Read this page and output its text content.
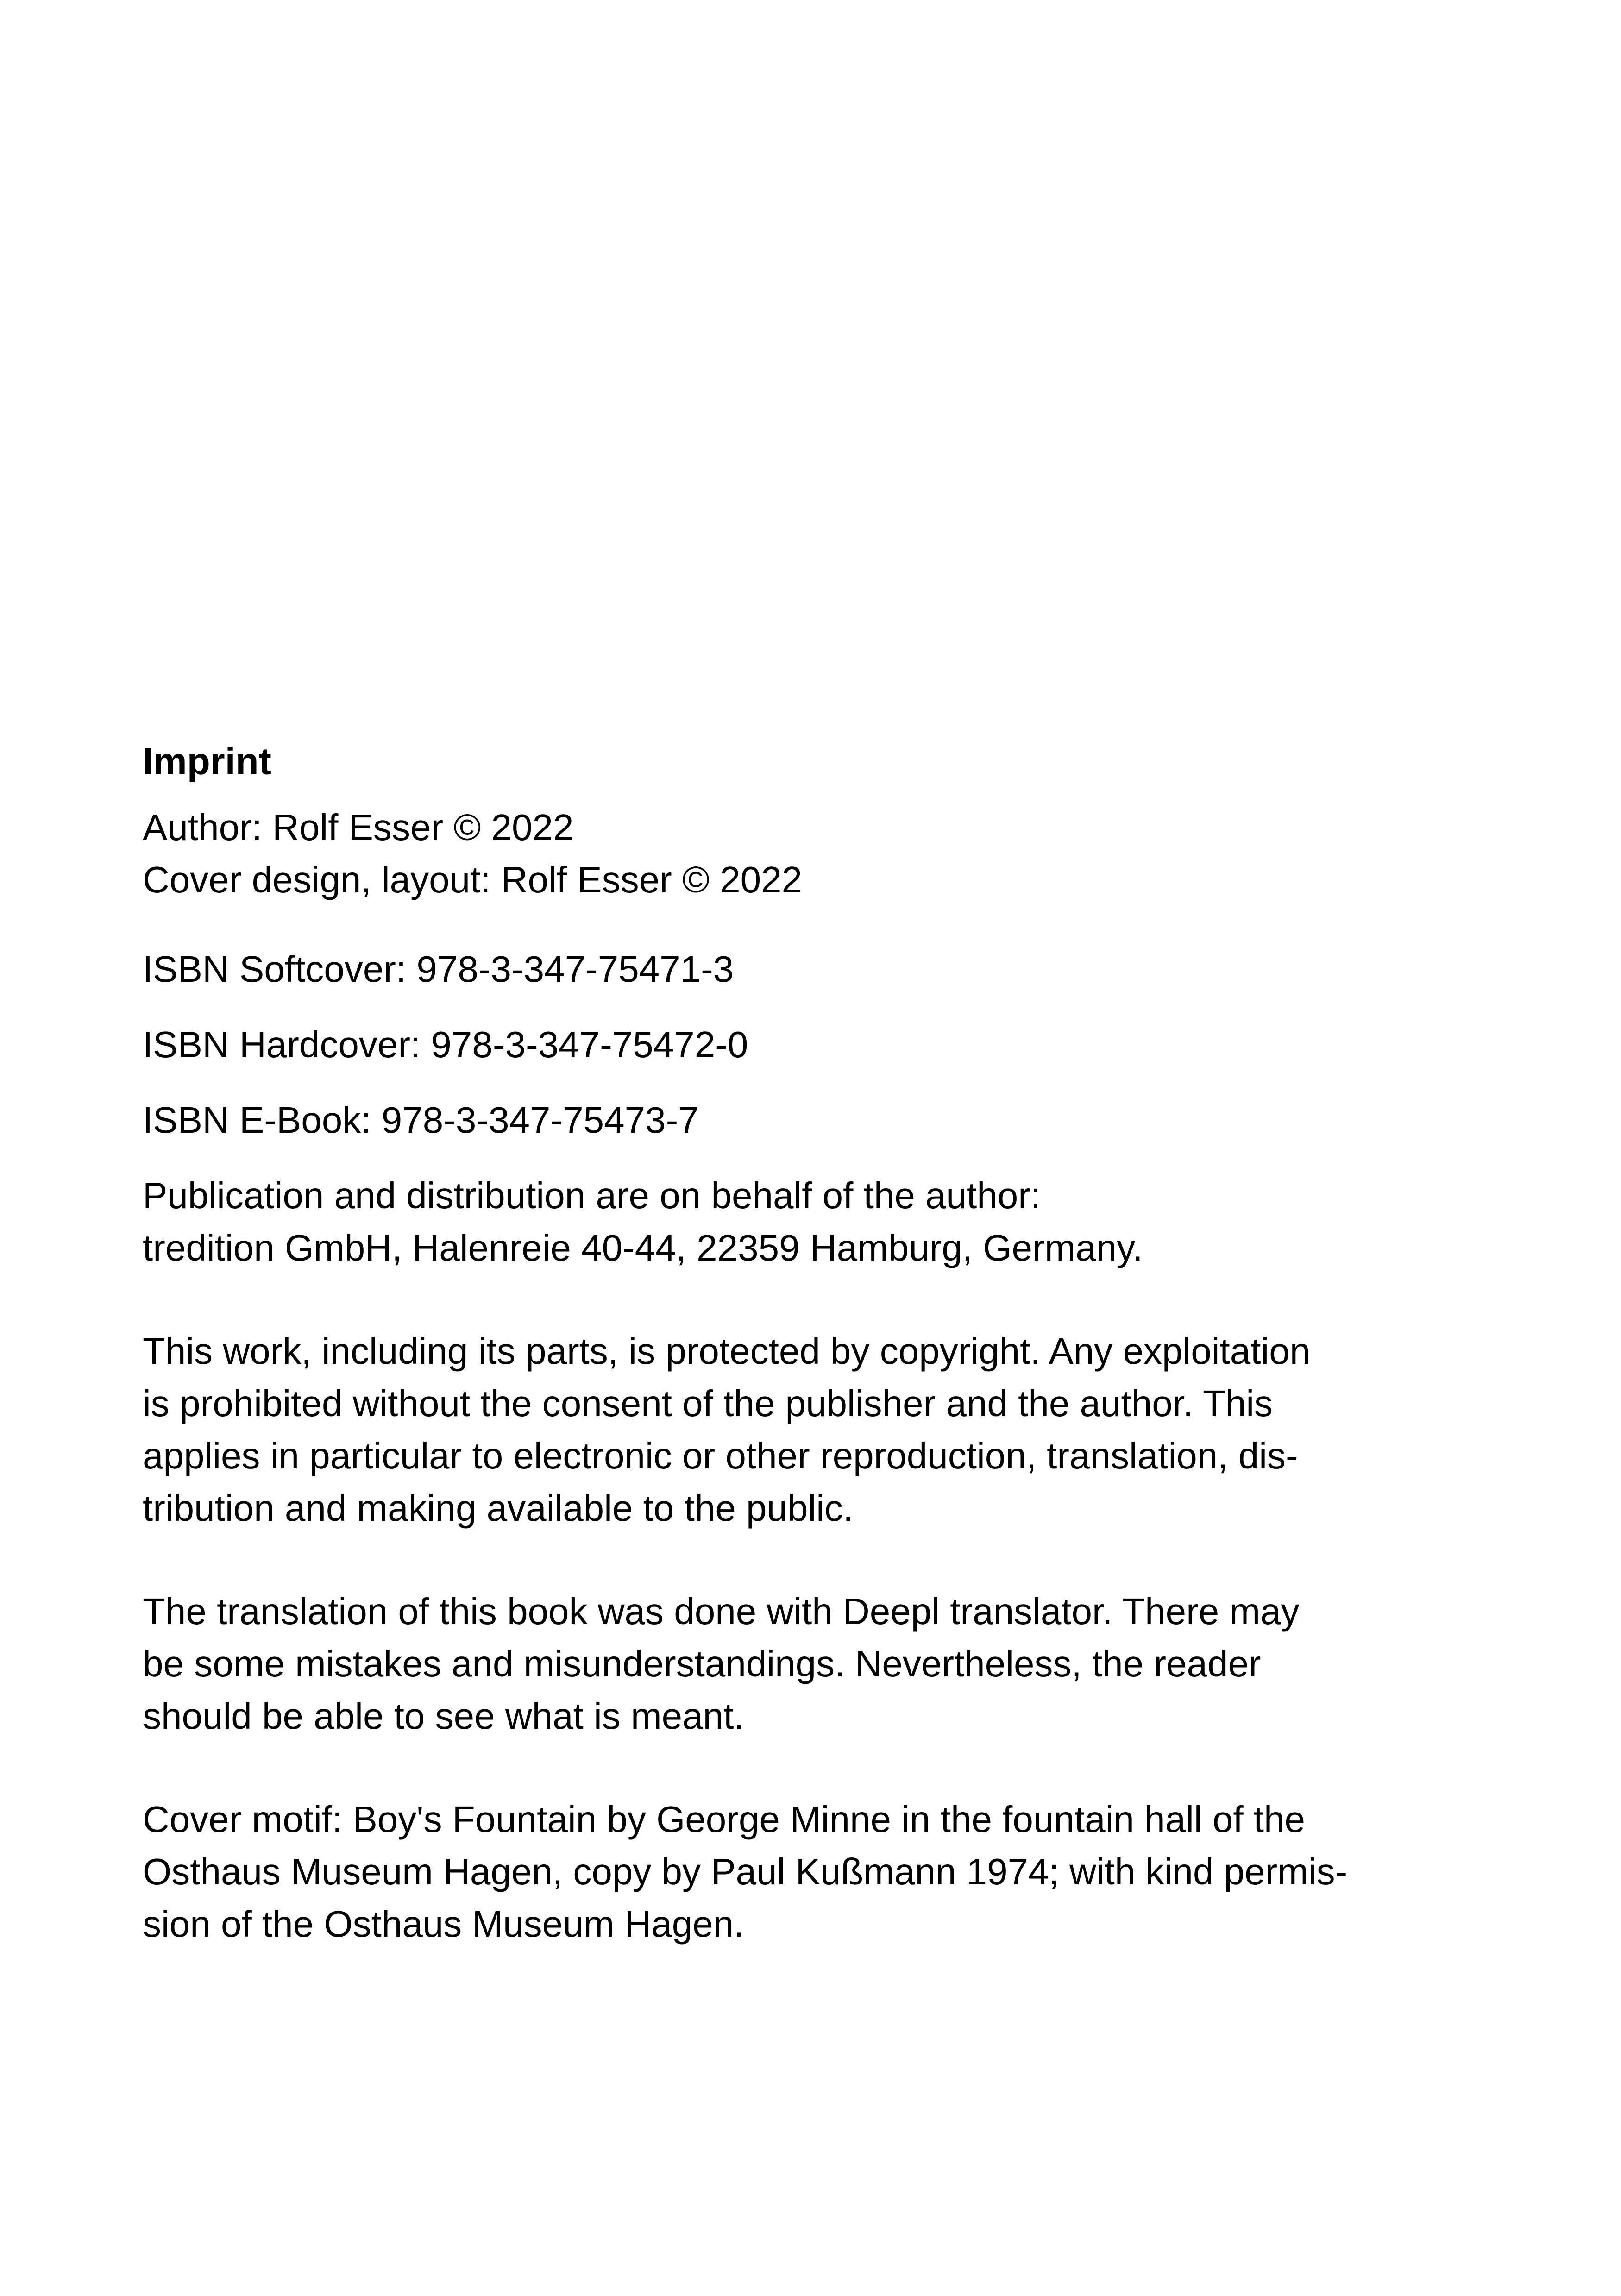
Imprint

Author: Rolf Esser © 2022

Cover design, layout: Rolf Esser © 2022

ISBN Softcover: 978-3-347-75471-3

ISBN Hardcover: 978-3-347-75472-0

ISBN E-Book: 978-3-347-75473-7

Publication and distribution are on behalf of the author:

tredition GmbH, Halenreie 40-44, 22359 Hamburg, Germany.

This work, including its parts, is protected by copyright. Any exploitation

is prohibited without the consent of the publisher and the author. This

applies in particular to electronic or other reproduction, translation, dis-

tribution and making available to the public.

The translation of this book was done with Deepl translator. There may

be some mistakes and misunderstandings. Nevertheless, the reader

should be able to see what is meant.

Cover motif: Boy's Fountain by George Minne in the fountain hall of the

Osthaus Museum Hagen, copy by Paul Kußmann 1974; with kind permis-

sion of the Osthaus Museum Hagen.
